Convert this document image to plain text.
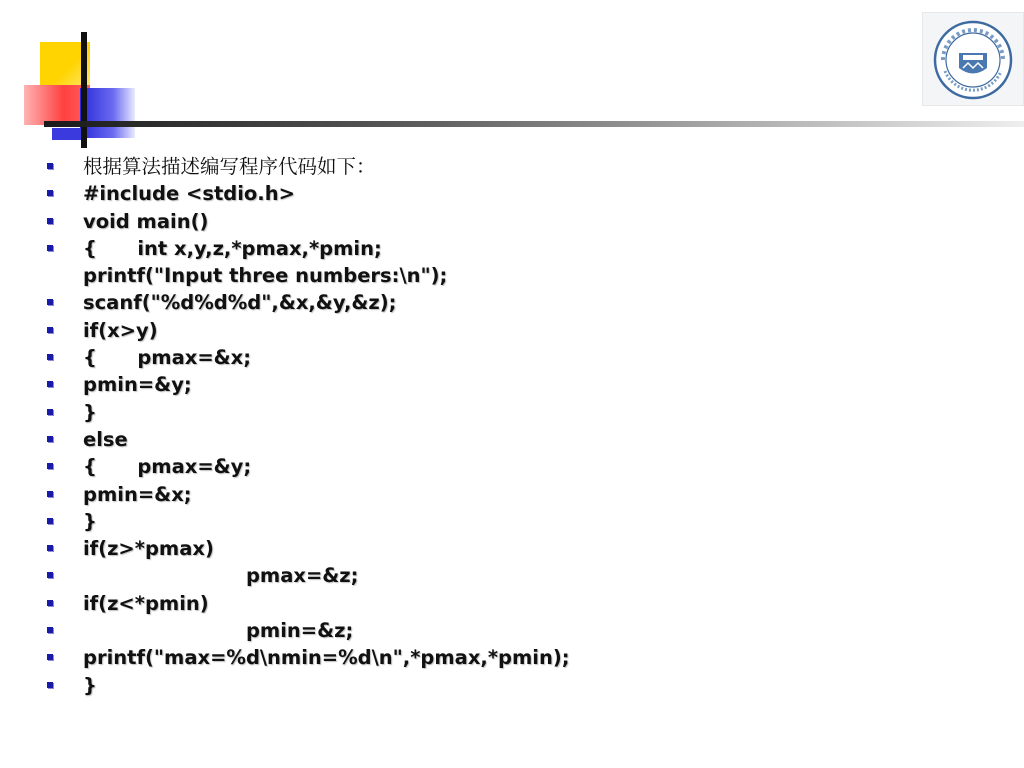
根据算法描述编写程序代码如下：
#include <stdio.h>
void main()
{	int x,y,z,*pmax,*pmin;
printf("Input three numbers:\n");
scanf("%d%d%d",&x,&y,&z);
if(x>y)
{	pmax=&x;
pmin=&y;
}
else
{	pmax=&y;
pmin=&x;
}
if(z>*pmax)
			pmax=&z;
if(z<*pmin)
			pmin=&z;
printf("max=%d\nmin=%d\n",*pmax,*pmin);
}
